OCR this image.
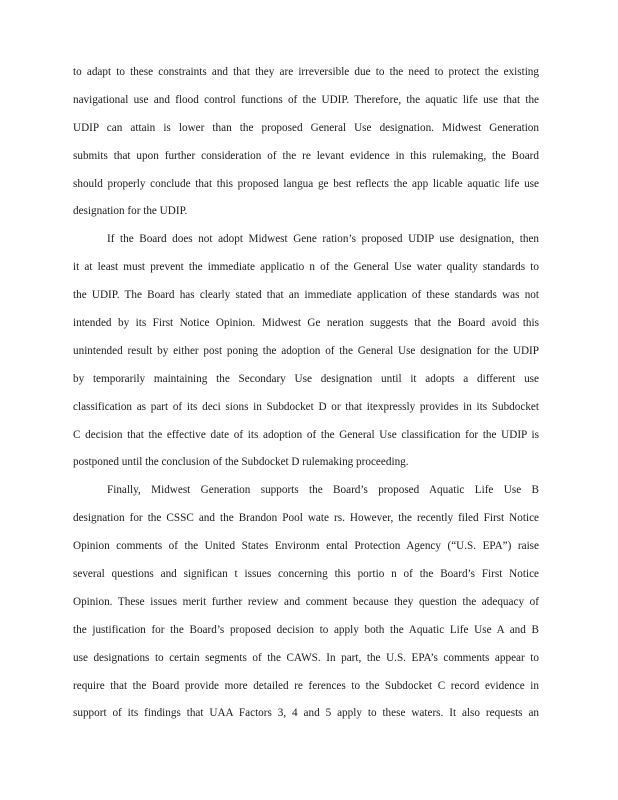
to adapt to these constraints and that they are irreversible due to the need to protect the existing
navigational use and flood control functions of the UDIP. Therefore, the aquatic life use that the
UDIP can attain is lower than the proposed General Use designation. Midwest Generation
submits that upon further consideration of the re levant evidence in this rulemaking, the Board
should properly conclude that this proposed langua ge best reflects the app licable aquatic life use
designation for the UDIP.
If the Board does not adopt Midwest Gene ration’s proposed UDIP use designation, then
it at least must prevent the immediate applicatio n of the General Use water quality standards to
the UDIP. The Board has clearly stated that an immediate application of these standards was not
intended by its First Notice Opinion. Midwest Ge neration suggests that the Board avoid this
unintended result by either post poning the adoption of the General Use designation for the UDIP
by temporarily maintaining the Secondary Use designation until it adopts a different use
classification as part of its deci sions in Subdocket D or that itexpressly provides in its Subdocket
C decision that the effective date of its adoption of the General Use classification for the UDIP is
postponed until the conclusion of the Subdocket D rulemaking proceeding.
Finally, Midwest Generation supports the Board’s proposed Aquatic Life Use B
designation for the CSSC and the Brandon Pool wate rs. However, the recently filed First Notice
Opinion comments of the United States Environm ental Protection Agency (“U.S. EPA”) raise
several questions and significan t issues concerning this portio n of the Board’s First Notice
Opinion. These issues merit further review and comment because they question the adequacy of
the justification for the Board’s proposed decision to apply both the Aquatic Life Use A and B
use designations to certain segments of the CAWS. In part, the U.S. EPA’s comments appear to
require that the Board provide more detailed re ferences to the Subdocket C record evidence in
support of its findings that UAA Factors 3, 4 and 5 apply to these waters. It also requests an
